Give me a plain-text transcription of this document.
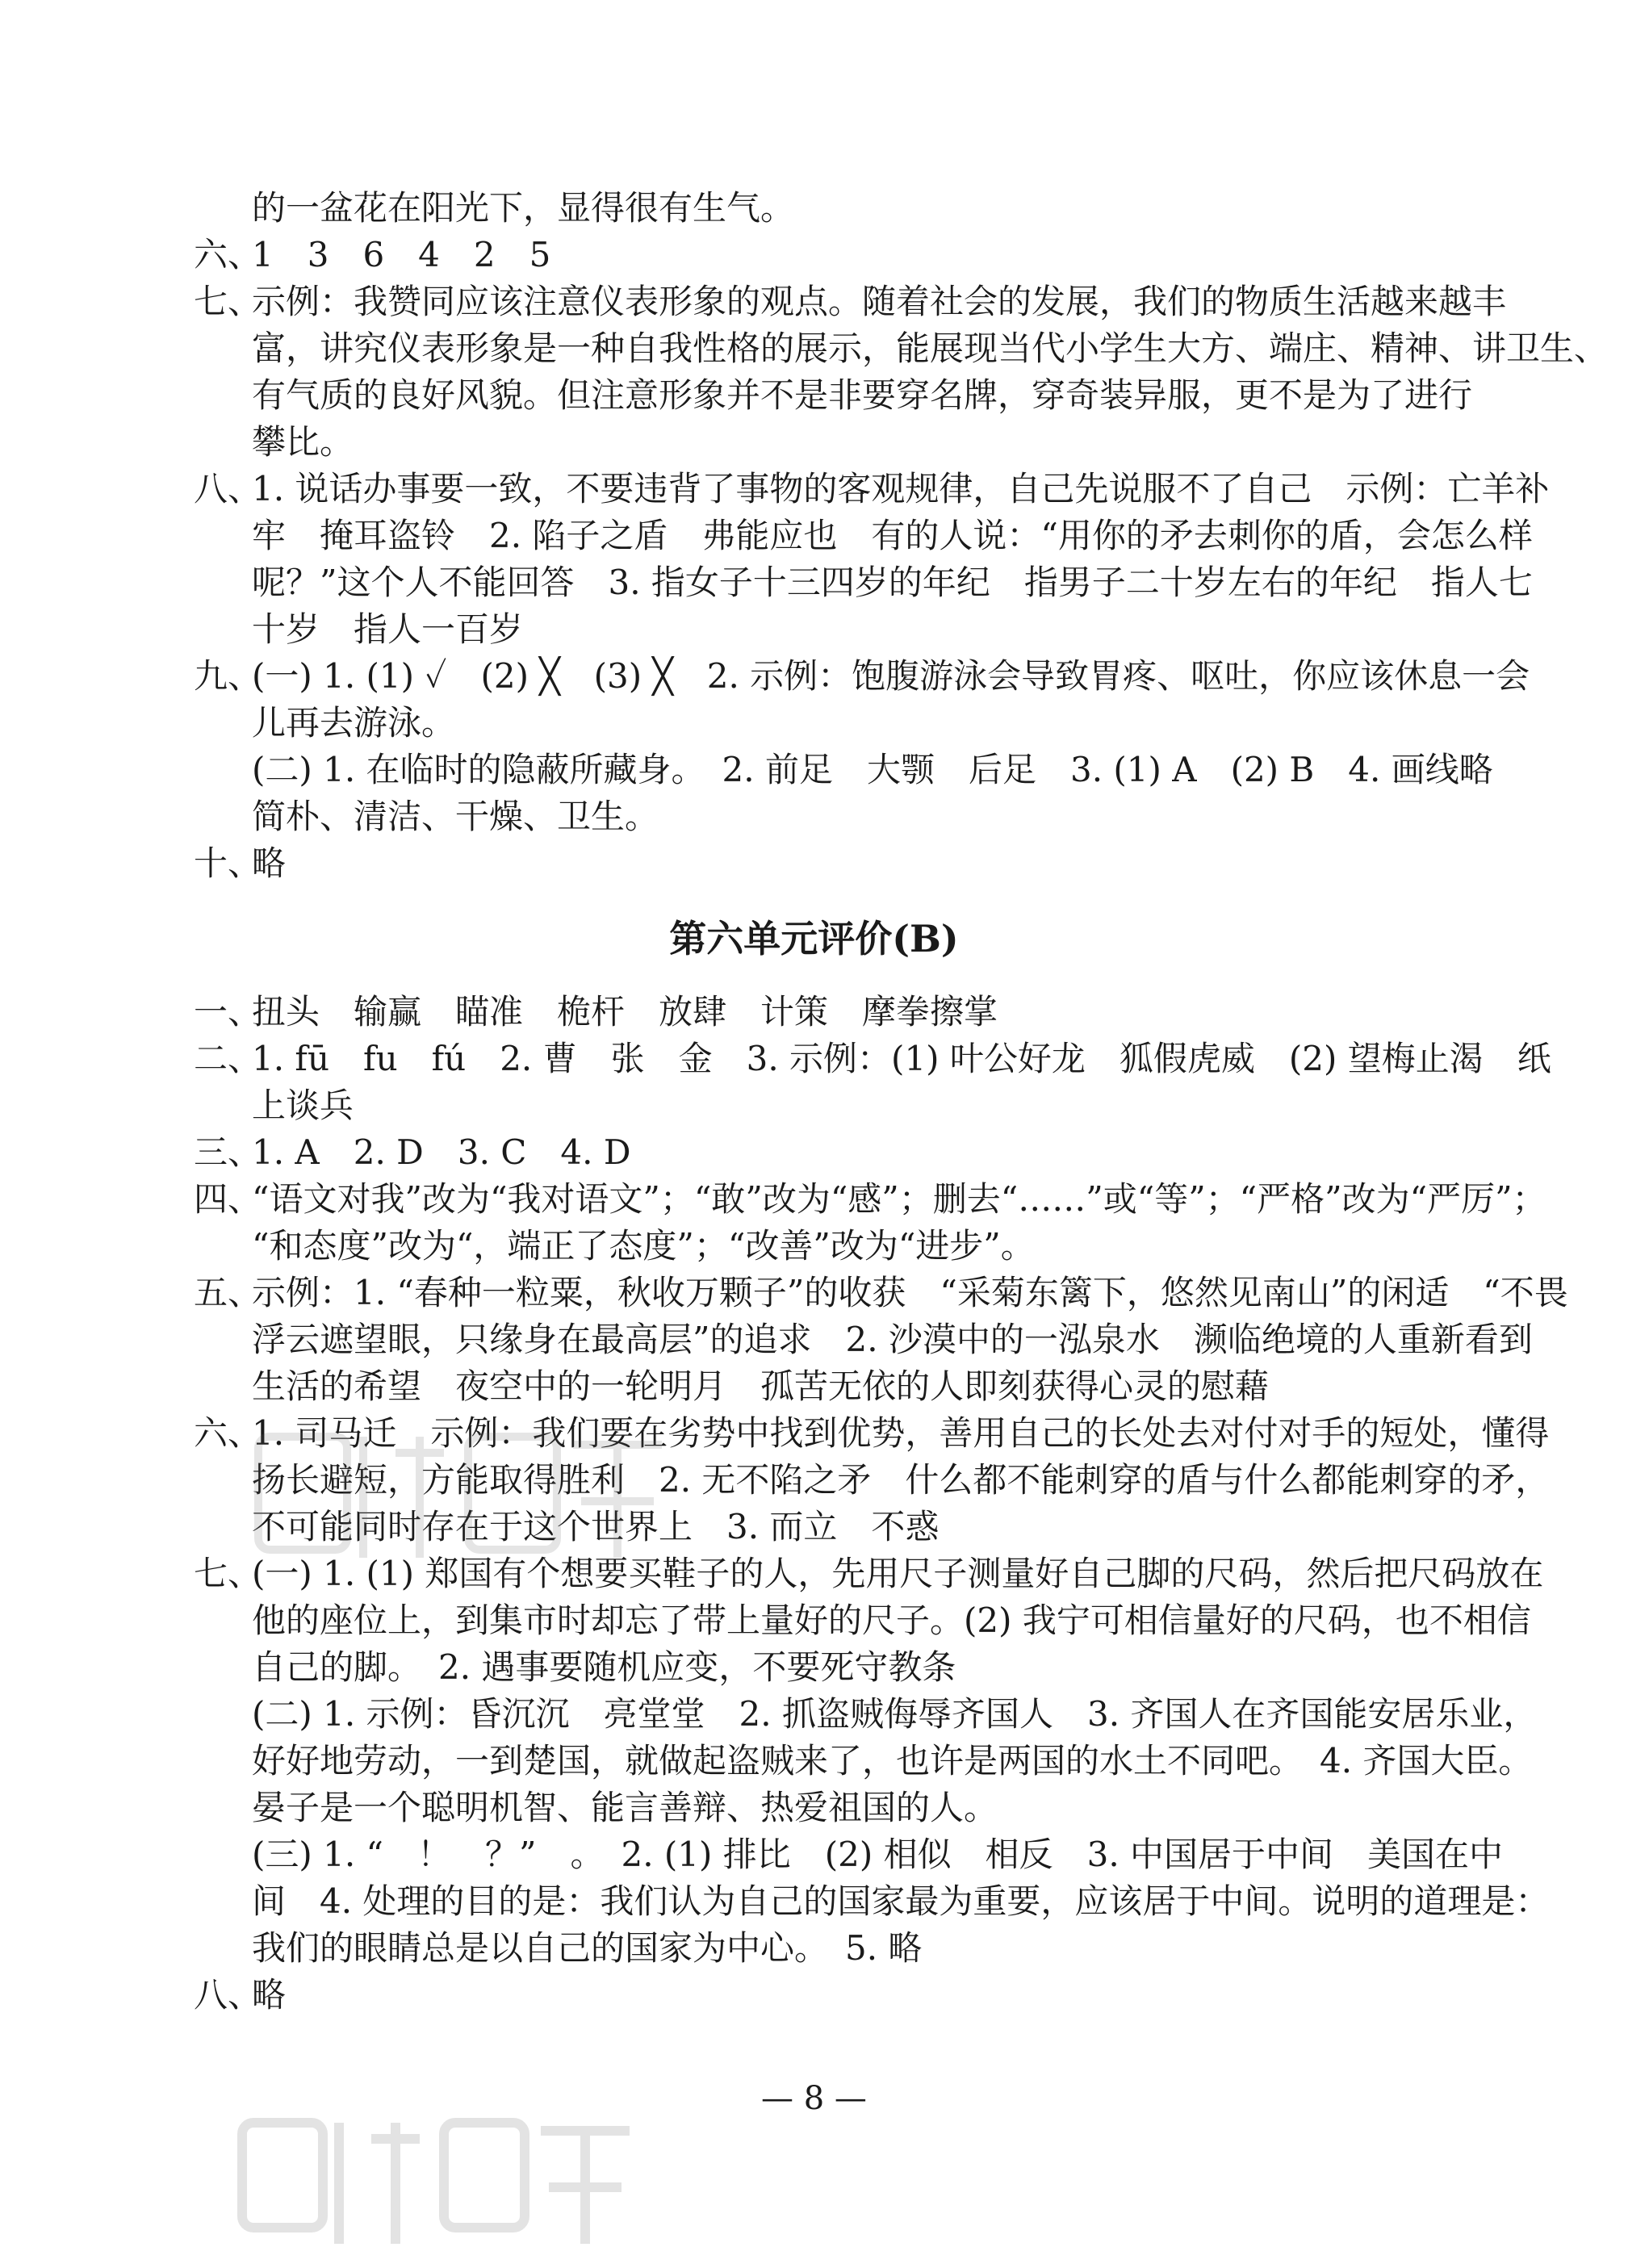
的一盆花在阳光下，显得很有生气。
六、
1　3　6　4　2　5
七、
示例：我赞同应该注意仪表形象的观点。随着社会的发展，我们的物质生活越来越丰
富，讲究仪表形象是一种自我性格的展示，能展现当代小学生大方、端庄、精神、讲卫生、
有气质的良好风貌。但注意形象并不是非要穿名牌，穿奇装异服，更不是为了进行
攀比。
八、
1. 说话办事要一致，不要违背了事物的客观规律，自己先说服不了自己　示例：亡羊补
牢　掩耳盗铃　2. 陷子之盾　弗能应也　有的人说：“用你的矛去刺你的盾，会怎么样
呢？”这个人不能回答　3. 指女子十三四岁的年纪　指男子二十岁左右的年纪　指人七
十岁　指人一百岁
九、
(一) 1. (1) ✓　(2) ╳　(3) ╳　2. 示例：饱腹游泳会导致胃疼、呕吐，你应该休息一会
儿再去游泳。
(二) 1. 在临时的隐蔽所藏身。　2. 前足　大颚　后足　3. (1) A　(2) B　4. 画线略
简朴、清洁、干燥、卫生。
十、
略
第六单元评价(B)
一、
扭头　输赢　瞄准　桅杆　放肆　计策　摩拳擦掌
二、
1. fū　fu　fú　2. 曹　张　金　3. 示例：(1) 叶公好龙　狐假虎威　(2) 望梅止渴　纸
上谈兵
三、
1. A　2. D　3. C　4. D
四、
“语文对我”改为“我对语文”；“敢”改为“感”；删去“……”或“等”；“严格”改为“严厉”；
“和态度”改为“，端正了态度”；“改善”改为“进步”。
五、
示例：1. “春种一粒粟，秋收万颗子”的收获　“采菊东篱下，悠然见南山”的闲适　“不畏
浮云遮望眼，只缘身在最高层”的追求　2. 沙漠中的一泓泉水　濒临绝境的人重新看到
生活的希望　夜空中的一轮明月　孤苦无依的人即刻获得心灵的慰藉
六、
1. 司马迁　示例：我们要在劣势中找到优势，善用自己的长处去对付对手的短处，懂得
扬长避短，方能取得胜利　2. 无不陷之矛　什么都不能刺穿的盾与什么都能刺穿的矛，
不可能同时存在于这个世界上　3. 而立　不惑
七、
(一) 1. (1) 郑国有个想要买鞋子的人，先用尺子测量好自己脚的尺码，然后把尺码放在
他的座位上，到集市时却忘了带上量好的尺子。(2) 我宁可相信量好的尺码，也不相信
自己的脚。　2. 遇事要随机应变，不要死守教条
(二) 1. 示例：昏沉沉　亮堂堂　2. 抓盗贼侮辱齐国人　3. 齐国人在齐国能安居乐业，
好好地劳动，一到楚国，就做起盗贼来了，也许是两国的水土不同吧。　4. 齐国大臣。
晏子是一个聪明机智、能言善辩、热爱祖国的人。
(三) 1. “　！　？”　。　2. (1) 排比　(2) 相似　相反　3. 中国居于中间　美国在中
间　4. 处理的目的是：我们认为自己的国家最为重要，应该居于中间。说明的道理是：
我们的眼睛总是以自己的国家为中心。　5. 略
八、
略
— 8 —
